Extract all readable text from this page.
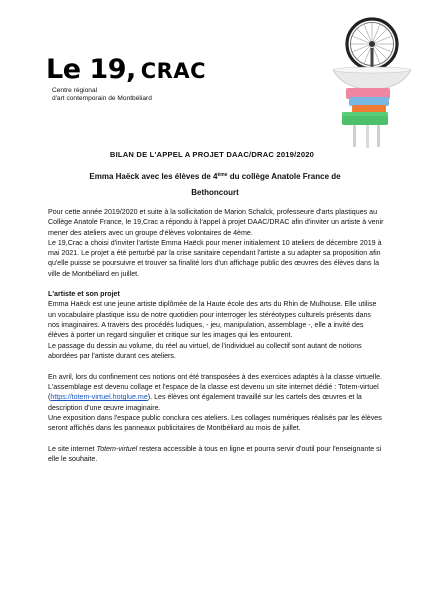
Le 19, CRAC
Centre régional
d'art contemporain de Montbéliard
BILAN DE L'APPEL A PROJET DAAC/DRAC 2019/2020
Emma Haëck avec les élèves de 4ème du collège Anatole France de
Bethoncourt

Pour cette année 2019/2020 et suite à la sollicitation de Marion Schalck, professeure d'arts plastiques au Collège Anatole France, le 19,Crac a répondu à l'appel à projet DAAC/DRAC afin d'inviter un artiste à venir mener des ateliers avec un groupe d'élèves volontaires de 4ème.

Le 19,Crac a choisi d'inviter l'artiste Emma Haëck pour mener initialement 10 ateliers de décembre 2019 à mai 2021. Le projet a été perturbé par la crise sanitaire cependant l'artiste a su adapter sa proposition afin qu'elle puisse se poursuivre et trouver sa finalité lors d'un affichage public des œuvres des élèves dans la ville de Montbéliard en juillet.

L'artiste et son projet

Emma Haëck est une jeune artiste diplômée de la Haute école des arts du Rhin de Mulhouse. Elle utilise un vocabulaire plastique issu de notre quotidien pour interroger les stéréotypes culturels présents dans nos imaginaires. A travers des procédés ludiques, - jeu, manipulation, assemblage -, elle a invité des élèves à porter un regard singulier et critique sur les images qui les entourent.

Le passage du dessin au volume, du réel au virtuel, de l'individuel au collectif sont autant de notions abordées par l'artiste durant ces ateliers.

En avril, lors du confinement ces notions ont été transposées à des exercices adaptés à la classe virtuelle. L'assemblage est devenu collage et l'espace de la classe est devenu un site internet dédié : Totem-virtuel
(https://totem-virtuel.hotglue.me). Les élèves ont également travaillé sur les cartels des œuvres et la description d'une œuvre imaginaire.

Une exposition dans l'espace public conclura ces ateliers. Les collages numériques réalisés par les élèves seront affichés dans les panneaux publicitaires de Montbéliard au mois de juillet.

Le site internet Totem-virtuel restera accessible à tous en ligne et pourra servir d'outil pour l'enseignante si elle le souhaite.
